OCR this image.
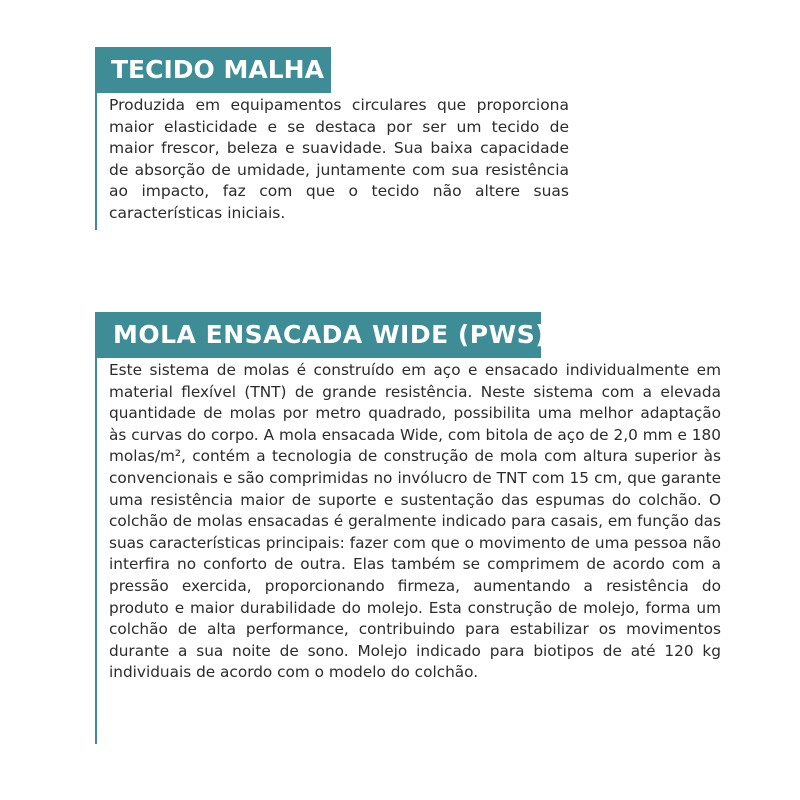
TECIDO MALHA

Produzida em equipamentos circulares que proporciona maior elasticidade e se destaca por ser um tecido de maior frescor, beleza e suavidade. Sua baixa capacidade de absorção de umidade, juntamente com sua resistência ao impacto, faz com que o tecido não altere suas características iniciais.

MOLA ENSACADA WIDE (PWS)

Este sistema de molas é construído em aço e ensacado individualmente em material flexível (TNT) de grande resistência. Neste sistema com a elevada quantidade de molas por metro quadrado, possibilita uma melhor adaptação às curvas do corpo. A mola ensacada Wide, com bitola de aço de 2,0 mm e 180 molas/m², contém a tecnologia de construção de mola com altura superior às convencionais e são comprimidas no invólucro de TNT com 15 cm, que garante uma resistência maior de suporte e sustentação das espumas do colchão. O colchão de molas ensacadas é geralmente indicado para casais, em função das suas características principais: fazer com que o movimento de uma pessoa não interfira no conforto de outra. Elas também se comprimem de acordo com a pressão exercida, proporcionando firmeza, aumentando a resistência do produto e maior durabilidade do molejo. Esta construção de molejo, forma um colchão de alta performance, contribuindo para estabilizar os movimentos durante a sua noite de sono. Molejo indicado para biotipos de até 120 kg individuais de acordo com o modelo do colchão.
